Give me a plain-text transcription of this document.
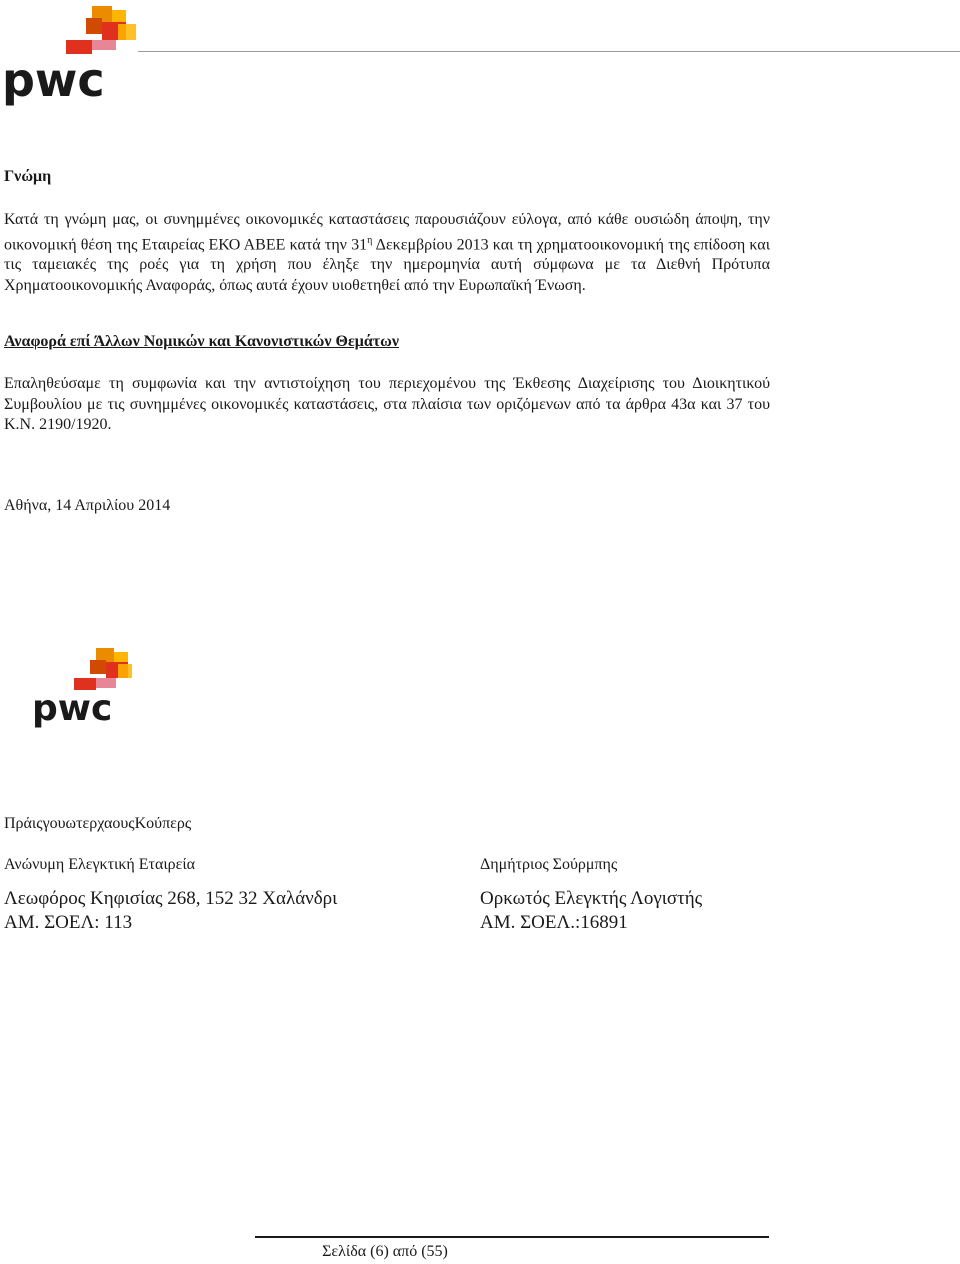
pwc
Γνώμη

Κατά τη γνώμη μας, οι συνημμένες οικονομικές καταστάσεις παρουσιάζουν εύλογα, από κάθε ουσιώδη άποψη, την οικονομική θέση της Εταιρείας ΕΚΟ ΑΒΕΕ κατά την $31^\eta$ Δεκεμβρίου 2013 και τη χρηματοοικονομική της επίδοση και τις ταμειακές της ροές για τη χρήση που έληξε την ημερομηνία αυτή σύμφωνα με τα Διεθνή Πρότυπα Χρηματοοικονομικής Αναφοράς, όπως αυτά έχουν υιοθετηθεί από την Ευρωπαϊκή Ένωση.

Αναφορά επί Άλλων Νομικών και Κανονιστικών Θεμάτων

Επαληθεύσαμε τη συμφωνία και την αντιστοίχηση του περιεχομένου της Έκθεσης Διαχείρισης του Διοικητικού Συμβουλίου με τις συνημμένες οικονομικές καταστάσεις, στα πλαίσια των οριζόμενων από τα άρθρα 43α και 37 του Κ.Ν. 2190/1920.

Αθήνα, 14 Απριλίου 2014
pwc
ΠράιςγουωτερχαουςΚούπερς
Ανώνυμη Ελεγκτική Εταιρεία
Λεωφόρος Κηφισίας 268, 152 32 Χαλάνδρι
ΑΜ. ΣΟΕΛ: 113
Δημήτριος Σούρμπης
Ορκωτός Ελεγκτής Λογιστής
ΑΜ. ΣΟΕΛ.:16891
Σελίδα (6) από (55)
